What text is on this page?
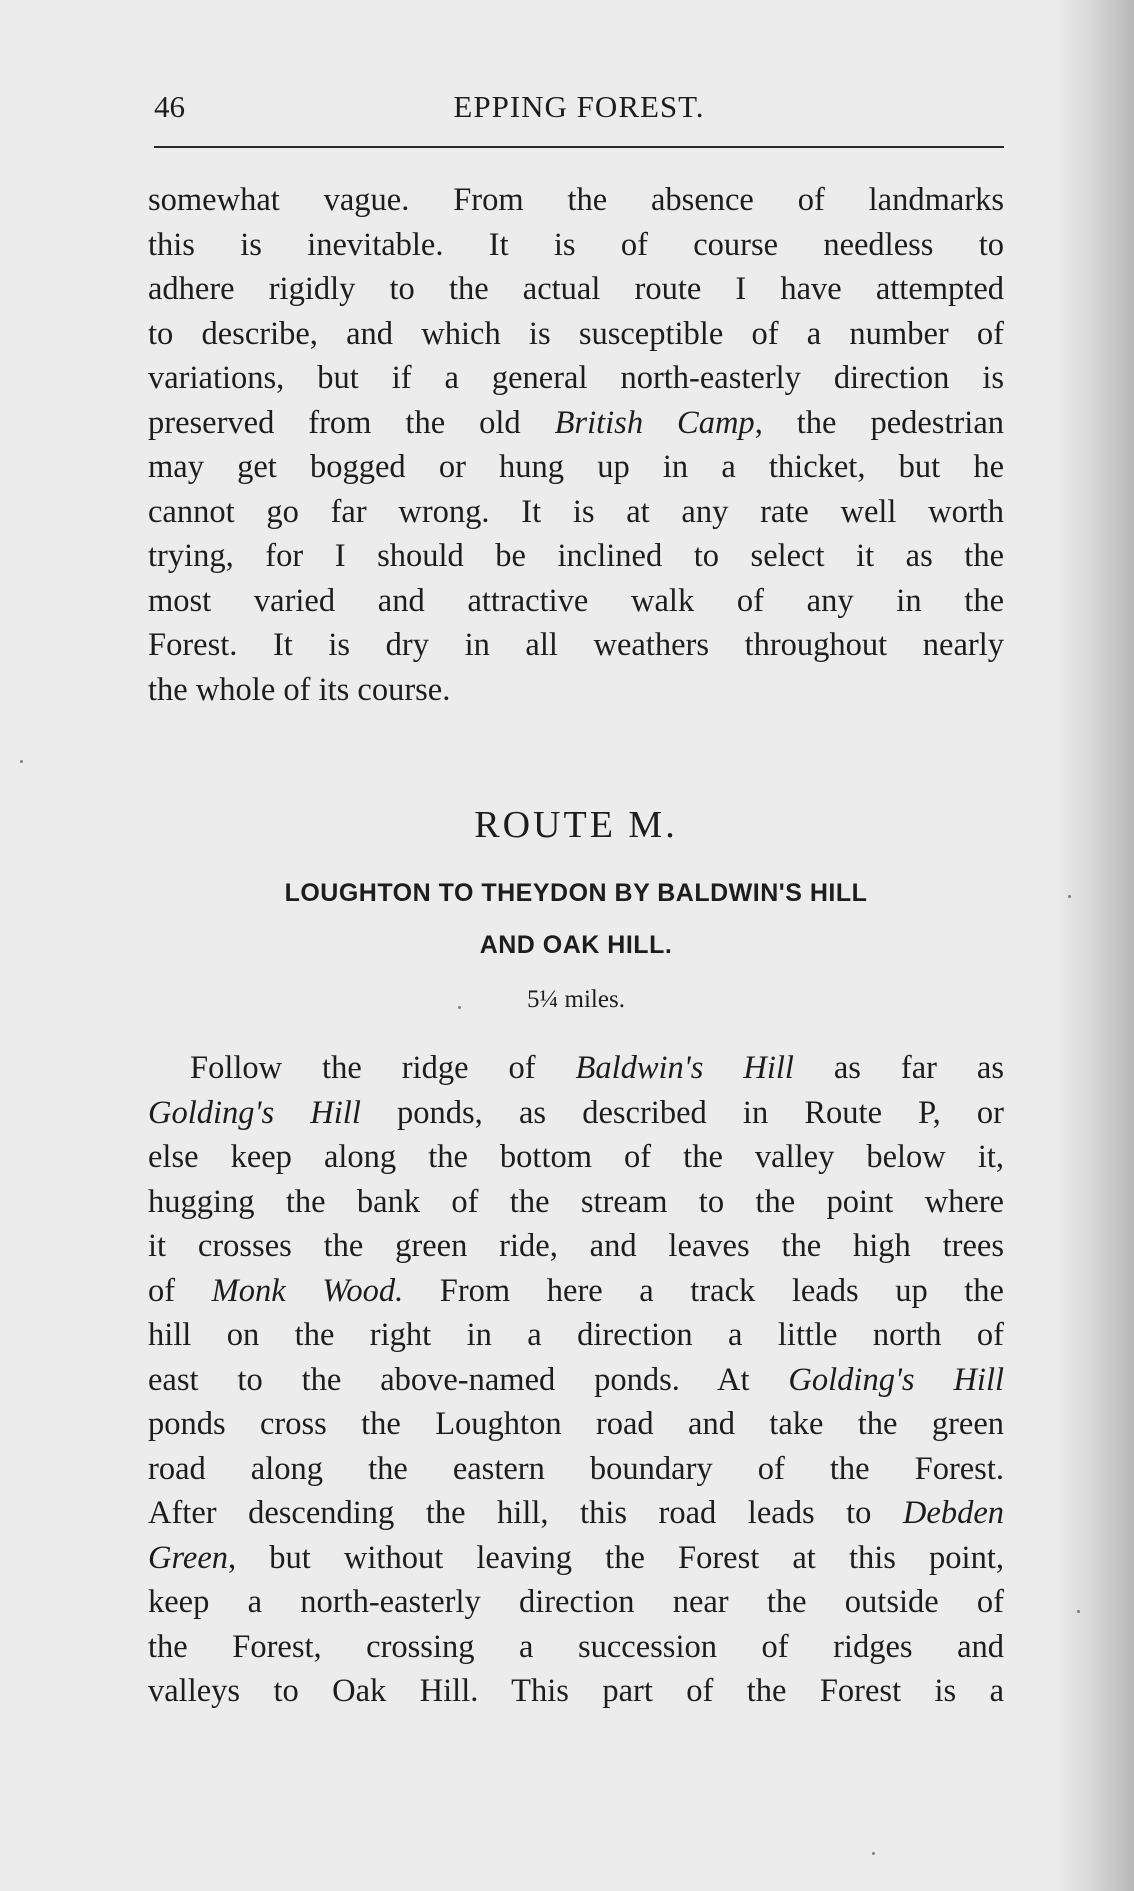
46	EPPING FOREST.
somewhat vague. From the absence of landmarks
this is inevitable. It is of course needless to
adhere rigidly to the actual route I have attempted
to describe, and which is susceptible of a number of
variations, but if a general north-easterly direction is
preserved from the old British Camp, the pedestrian
may get bogged or hung up in a thicket, but he
cannot go far wrong. It is at any rate well worth
trying, for I should be inclined to select it as the
most varied and attractive walk of any in the
Forest. It is dry in all weathers throughout nearly
the whole of its course.
ROUTE M.
LOUGHTON TO THEYDON BY BALDWIN'S HILL
AND OAK HILL.
5¼ miles.
Follow the ridge of Baldwin's Hill as far as
Golding's Hill ponds, as described in Route P, or
else keep along the bottom of the valley below it,
hugging the bank of the stream to the point where
it crosses the green ride, and leaves the high trees
of Monk Wood. From here a track leads up the
hill on the right in a direction a little north of
east to the above-named ponds. At Golding's Hill
ponds cross the Loughton road and take the green
road along the eastern boundary of the Forest.
After descending the hill, this road leads to Debden
Green, but without leaving the Forest at this point,
keep a north-easterly direction near the outside of
the Forest, crossing a succession of ridges and
valleys to Oak Hill. This part of the Forest is a
